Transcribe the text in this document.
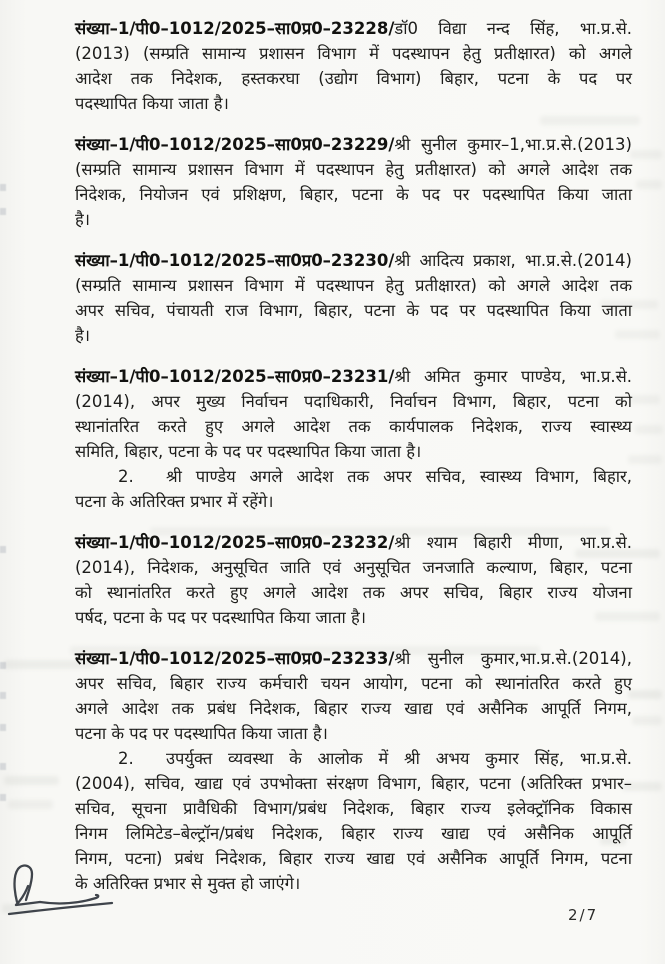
संख्या–1/पी0–1012/2025–सा0प्र0–23228/डॉ0 विद्या नन्द सिंह, भा.प्र.से.
(2013) (सम्प्रति सामान्य प्रशासन विभाग में पदस्थापन हेतु प्रतीक्षारत) को अगले
आदेश तक निदेशक, हस्तकरघा (उद्योग विभाग) बिहार, पटना के पद पर
पदस्थापित किया जाता है।
संख्या–1/पी0–1012/2025–सा0प्र0–23229/श्री सुनील कुमार–1,भा.प्र.से.(2013)
(सम्प्रति सामान्य प्रशासन विभाग में पदस्थापन हेतु प्रतीक्षारत) को अगले आदेश तक
निदेशक, नियोजन एवं प्रशिक्षण, बिहार, पटना के पद पर पदस्थापित किया जाता
है।
संख्या–1/पी0–1012/2025–सा0प्र0–23230/श्री आदित्य प्रकाश, भा.प्र.से.(2014)
(सम्प्रति सामान्य प्रशासन विभाग में पदस्थापन हेतु प्रतीक्षारत) को अगले आदेश तक
अपर सचिव, पंचायती राज विभाग, बिहार, पटना के पद पर पदस्थापित किया जाता
है।
संख्या–1/पी0–1012/2025–सा0प्र0–23231/श्री अमित कुमार पाण्डेय, भा.प्र.से.
(2014), अपर मुख्य निर्वाचन पदाधिकारी, निर्वाचन विभाग, बिहार, पटना को
स्थानांतरित करते हुए अगले आदेश तक कार्यपालक निदेशक, राज्य स्वास्थ्य
समिति, बिहार, पटना के पद पर पदस्थापित किया जाता है।
2. श्री पाण्डेय अगले आदेश तक अपर सचिव, स्वास्थ्य विभाग, बिहार,
पटना के अतिरिक्त प्रभार में रहेंगे।
संख्या–1/पी0–1012/2025–सा0प्र0–23232/श्री श्याम बिहारी मीणा, भा.प्र.से.
(2014), निदेशक, अनुसूचित जाति एवं अनुसूचित जनजाति कल्याण, बिहार, पटना
को स्थानांतरित करते हुए अगले आदेश तक अपर सचिव, बिहार राज्य योजना
पर्षद, पटना के पद पर पदस्थापित किया जाता है।
संख्या–1/पी0–1012/2025–सा0प्र0–23233/श्री सुनील कुमार,भा.प्र.से.(2014),
अपर सचिव, बिहार राज्य कर्मचारी चयन आयोग, पटना को स्थानांतरित करते हुए
अगले आदेश तक प्रबंध निदेशक, बिहार राज्य खाद्य एवं असैनिक आपूर्ति निगम,
पटना के पद पर पदस्थापित किया जाता है।
2. उपर्युक्त व्यवस्था के आलोक में श्री अभय कुमार सिंह, भा.प्र.से.
(2004), सचिव, खाद्य एवं उपभोक्ता संरक्षण विभाग, बिहार, पटना (अतिरिक्त प्रभार–
सचिव, सूचना प्रावैधिकी विभाग/प्रबंध निदेशक, बिहार राज्य इलेक्ट्रॉनिक विकास
निगम लिमिटेड–बेल्ट्रॉन/प्रबंध निदेशक, बिहार राज्य खाद्य एवं असैनिक आपूर्ति
निगम, पटना) प्रबंध निदेशक, बिहार राज्य खाद्य एवं असैनिक आपूर्ति निगम, पटना
के अतिरिक्त प्रभार से मुक्त हो जाएंगे।
2/7
